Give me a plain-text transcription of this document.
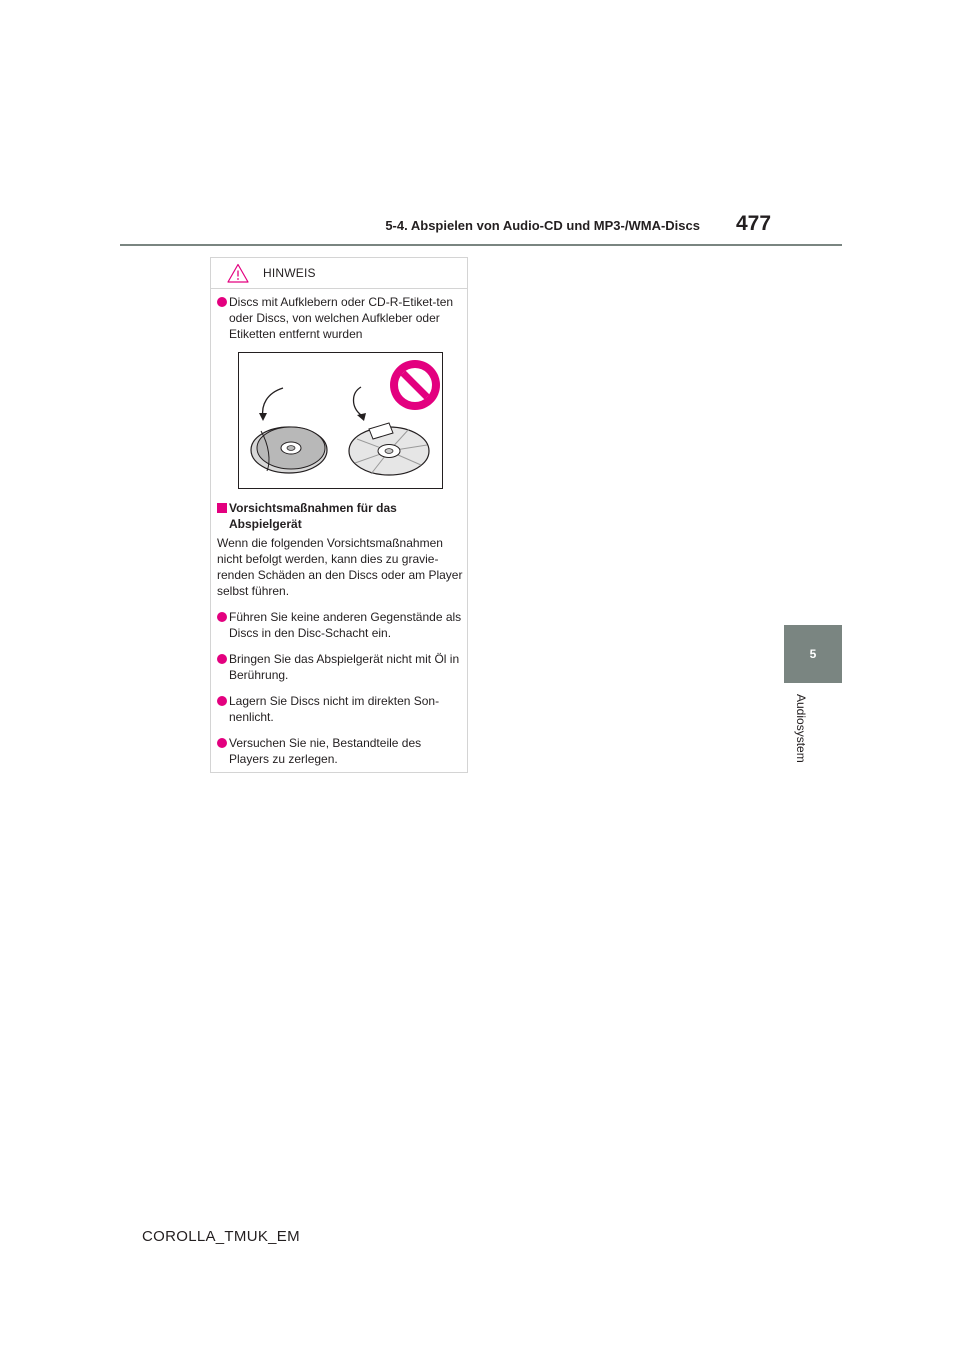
5-4. Abspielen von Audio-CD und MP3-/WMA-Discs 477
5
Audiosystem
HINWEIS
Discs mit Aufklebern oder CD-R-Etiket-ten oder Discs, von welchen Aufkleber oder Etiketten entfernt wurden
Vorsichtsmaßnahmen für das Abspielgerät
Wenn die folgenden Vorsichtsmaßnahmen nicht befolgt werden, kann dies zu gravie-renden Schäden an den Discs oder am Player selbst führen.
Führen Sie keine anderen Gegenstände als Discs in den Disc-Schacht ein.
Bringen Sie das Abspielgerät nicht mit Öl in Berührung.
Lagern Sie Discs nicht im direkten Son-nenlicht.
Versuchen Sie nie, Bestandteile des Players zu zerlegen.
COROLLA_TMUK_EM
